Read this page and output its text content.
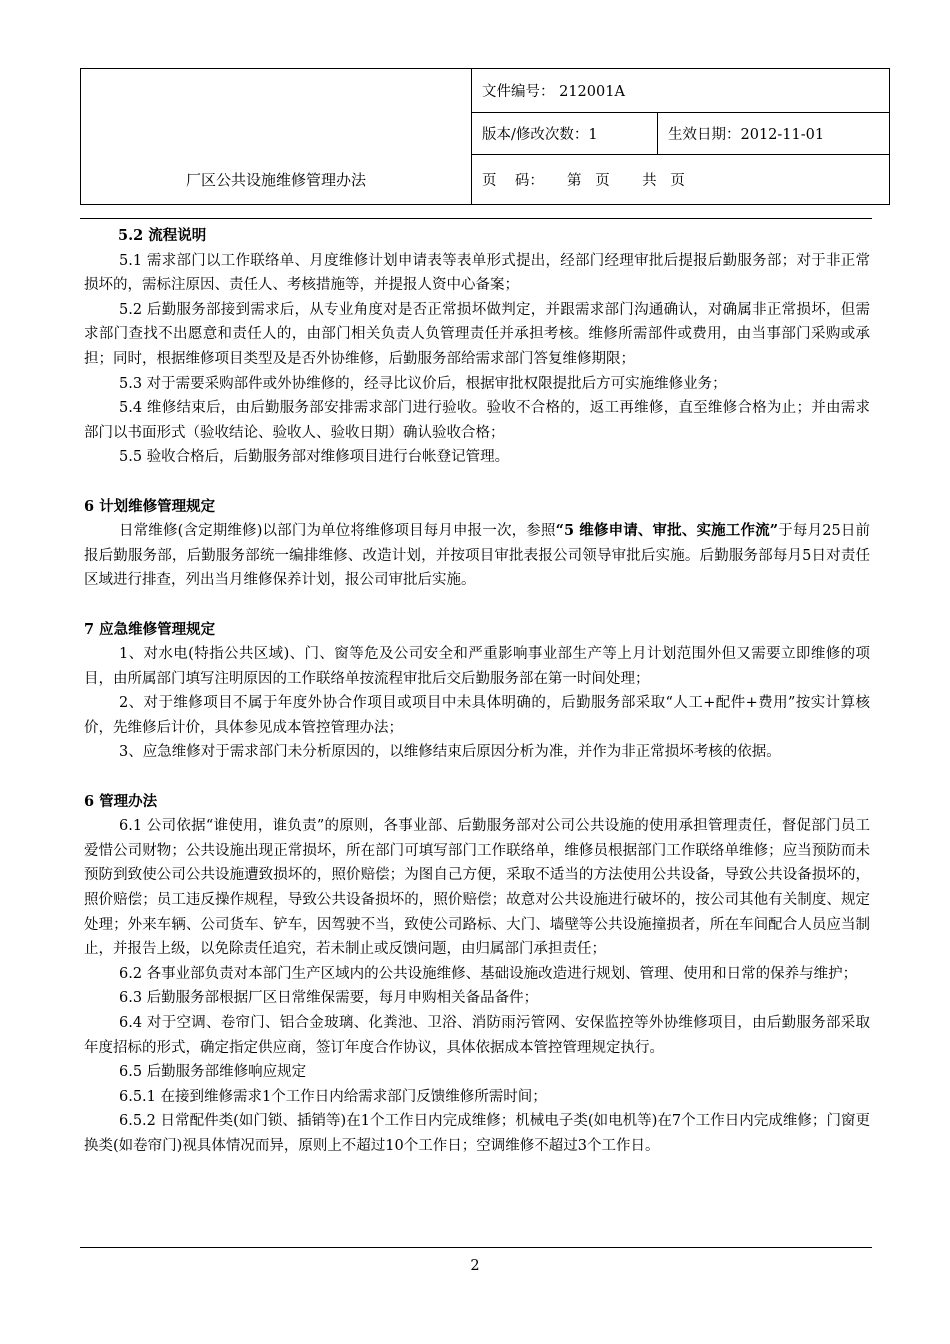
厂区公共设施维修管理办法	文件编号： 212001A	
	版本/修改次数：1	生效日期：2012-11-01
	页    码：     第   页       共   页	

5.2 流程说明

5.1 需求部门以工作联络单、月度维修计划申请表等表单形式提出，经部门经理审批后提报后勤服务部；对于非正常损坏的，需标注原因、责任人、考核措施等，并提报人资中心备案；

5.2 后勤服务部接到需求后，从专业角度对是否正常损坏做判定，并跟需求部门沟通确认，对确属非正常损坏，但需求部门查找不出愿意和责任人的，由部门相关负责人负管理责任并承担考核。维修所需部件或费用，由当事部门采购或承担；同时，根据维修项目类型及是否外协维修，后勤服务部给需求部门答复维修期限；

5.3 对于需要采购部件或外协维修的，经寻比议价后，根据审批权限提批后方可实施维修业务；

5.4 维修结束后，由后勤服务部安排需求部门进行验收。验收不合格的，返工再维修，直至维修合格为止；并由需求部门以书面形式（验收结论、验收人、验收日期）确认验收合格；

5.5 验收合格后，后勤服务部对维修项目进行台帐登记管理。

6 计划维修管理规定

日常维修(含定期维修)以部门为单位将维修项目每月申报一次，参照“5 维修申请、审批、实施工作流”于每月25日前报后勤服务部，后勤服务部统一编排维修、改造计划，并按项目审批表报公司领导审批后实施。后勤服务部每月5日对责任区域进行排查，列出当月维修保养计划，报公司审批后实施。

7 应急维修管理规定

1、对水电(特指公共区域)、门、窗等危及公司安全和严重影响事业部生产等上月计划范围外但又需要立即维修的项目，由所属部门填写注明原因的工作联络单按流程审批后交后勤服务部在第一时间处理；

2、对于维修项目不属于年度外协合作项目或项目中未具体明确的，后勤服务部采取“人工+配件+费用”按实计算核价，先维修后计价，具体参见成本管控管理办法；

3、应急维修对于需求部门未分析原因的，以维修结束后原因分析为准，并作为非正常损坏考核的依据。

6 管理办法

6.1 公司依据“谁使用，谁负责”的原则，各事业部、后勤服务部对公司公共设施的使用承担管理责任，督促部门员工爱惜公司财物；公共设施出现正常损坏，所在部门可填写部门工作联络单，维修员根据部门工作联络单维修；应当预防而未预防到致使公司公共设施遭致损坏的，照价赔偿；为图自己方便，采取不适当的方法使用公共设备，导致公共设备损坏的，照价赔偿；员工违反操作规程，导致公共设备损坏的，照价赔偿；故意对公共设施进行破坏的，按公司其他有关制度、规定处理；外来车辆、公司货车、铲车，因驾驶不当，致使公司路标、大门、墙壁等公共设施撞损者，所在车间配合人员应当制止，并报告上级，以免除责任追究，若未制止或反馈问题，由归属部门承担责任；

6.2 各事业部负责对本部门生产区域内的公共设施维修、基础设施改造进行规划、管理、使用和日常的保养与维护；

6.3 后勤服务部根据厂区日常维保需要，每月申购相关备品备件；

6.4 对于空调、卷帘门、铝合金玻璃、化粪池、卫浴、消防雨污管网、安保监控等外协维修项目，由后勤服务部采取年度招标的形式，确定指定供应商，签订年度合作协议，具体依据成本管控管理规定执行。

6.5 后勤服务部维修响应规定

6.5.1 在接到维修需求1个工作日内给需求部门反馈维修所需时间；

6.5.2 日常配件类(如门锁、插销等)在1个工作日内完成维修；机械电子类(如电机等)在7个工作日内完成维修；门窗更换类(如卷帘门)视具体情况而异，原则上不超过10个工作日；空调维修不超过3个工作日。

2
